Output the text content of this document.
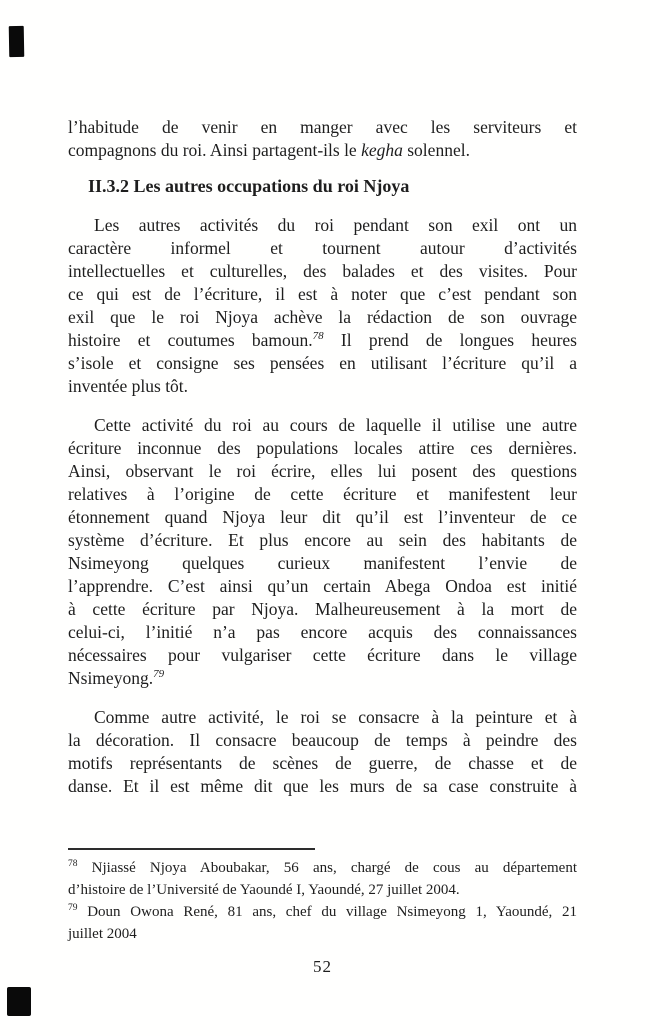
l’habitude de venir en manger avec les serviteurs et
compagnons du roi. Ainsi partagent-ils le kegha solennel.
II.3.2 Les autres occupations du roi Njoya
Les autres activités du roi pendant son exil ont un
caractère informel et tournent autour d’activités
intellectuelles et culturelles, des balades et des visites. Pour
ce qui est de l’écriture, il est à noter que c’est pendant son
exil que le roi Njoya achève la rédaction de son ouvrage
histoire et coutumes bamoun.$^{78}$ Il prend de longues heures
s’isole et consigne ses pensées en utilisant l’écriture qu’il a
inventée plus tôt.
Cette activité du roi au cours de laquelle il utilise une autre
écriture inconnue des populations locales attire ces dernières.
Ainsi, observant le roi écrire, elles lui posent des questions
relatives à l’origine de cette écriture et manifestent leur
étonnement quand Njoya leur dit qu’il est l’inventeur de ce
système d’écriture. Et plus encore au sein des habitants de
Nsimeyong quelques curieux manifestent l’envie de
l’apprendre. C’est ainsi qu’un certain Abega Ondoa est initié
à cette écriture par Njoya. Malheureusement à la mort de
celui-ci, l’initié n’a pas encore acquis des connaissances
nécessaires pour vulgariser cette écriture dans le village
Nsimeyong.$^{79}$
Comme autre activité, le roi se consacre à la peinture et à
la décoration. Il consacre beaucoup de temps à peindre des
motifs représentants de scènes de guerre, de chasse et de
danse. Et il est même dit que les murs de sa case construite à
$^{78}$ Njiassé Njoya Aboubakar, 56 ans, chargé de cous au département
d’histoire de l’Université de Yaoundé I, Yaoundé, 27 juillet 2004.
$^{79}$ Doun Owona René, 81 ans, chef du village Nsimeyong 1, Yaoundé, 21
juillet 2004
52
